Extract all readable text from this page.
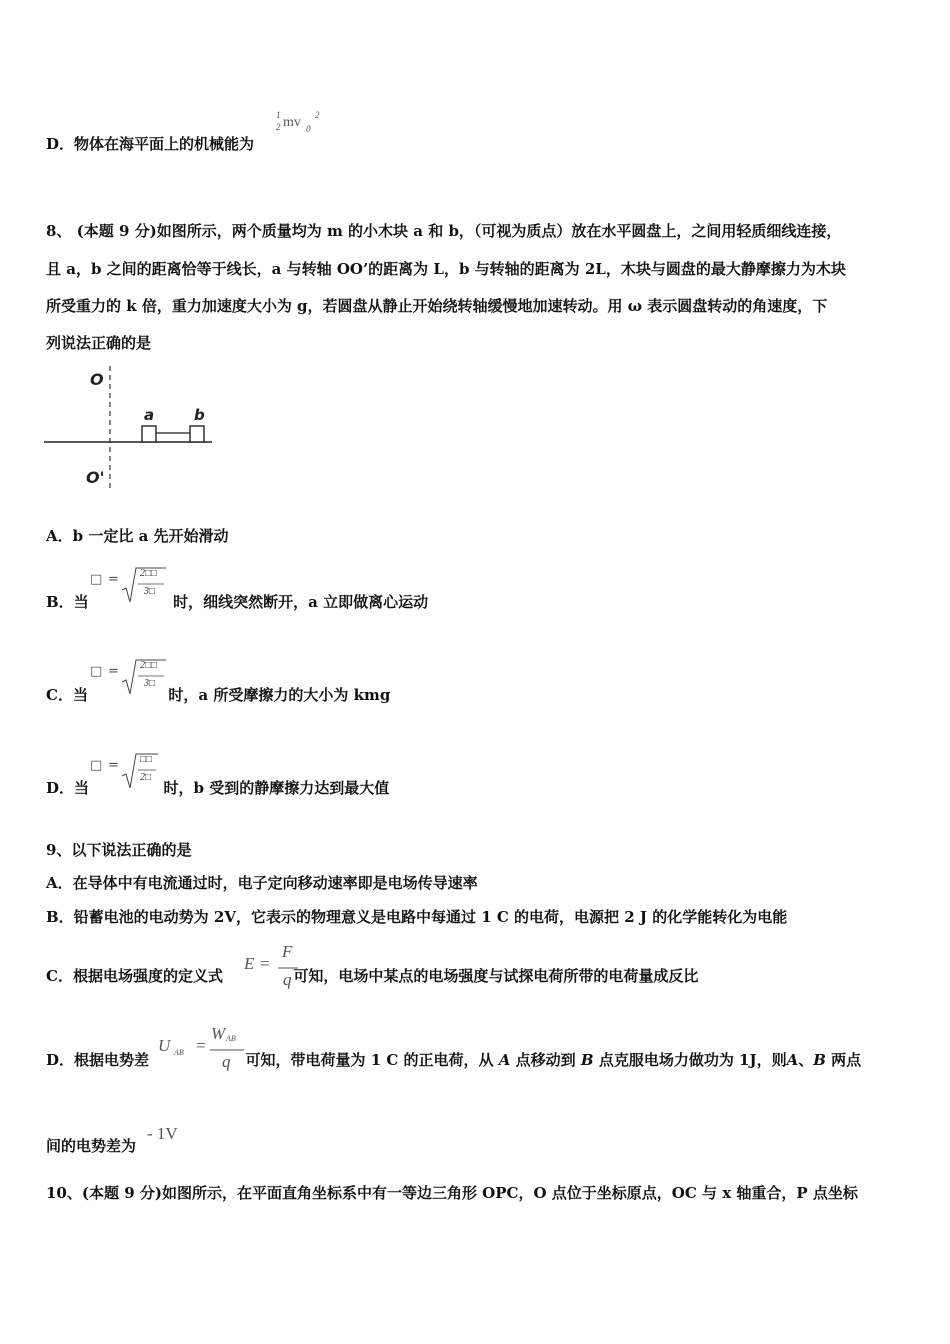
D．物体在海平面上的机械能为
1
2 mv 0
2
8、 (本题 9 分)如图所示，两个质量均为 m 的小木块 a 和 b，（可视为质点）放在水平圆盘上，之间用轻质细线连接，
且 a，b 之间的距离恰等于线长，a 与转轴 OO’的距离为 L，b 与转轴的距离为 2L，木块与圆盘的最大静摩擦力为木块
所受重力的 k 倍，重力加速度大小为 g，若圆盘从静止开始绕转轴缓慢地加速转动。用 ω 表示圆盘转动的角速度，下
列说法正确的是
O
O'
a	b
A．b 一定比 a 先开始滑动
B．当	时，细线突然断开，a 立即做离心运动
□ = 2□□
3□
C．当	时，a 所受摩擦力的大小为 kmg
□ = 2□□
3□
D．当	时，b 受到的静摩擦力达到最大值
□ = □□
2□
9、以下说法正确的是
A．在导体中有电流通过时，电子定向移动速率即是电场传导速率
B．铅蓄电池的电动势为 2V，它表示的物理意义是电路中每通过 1 C 的电荷，电源把 2 J 的化学能转化为电能
C．根据电场强度的定义式	可知，电场中某点的电场强度与试探电荷所带的电荷量成反比
E =
F
q
D．根据电势差	可知，带电荷量为 1 C 的正电荷，从 A 点移动到 B 点克服电场力做功为 1J，则A、B 两点
U AB =
W AB
q
间的电势差为
- 1V
10、(本题 9 分)如图所示，在平面直角坐标系中有一等边三角形 OPC，O 点位于坐标原点，OC 与 x 轴重合，P 点坐标
